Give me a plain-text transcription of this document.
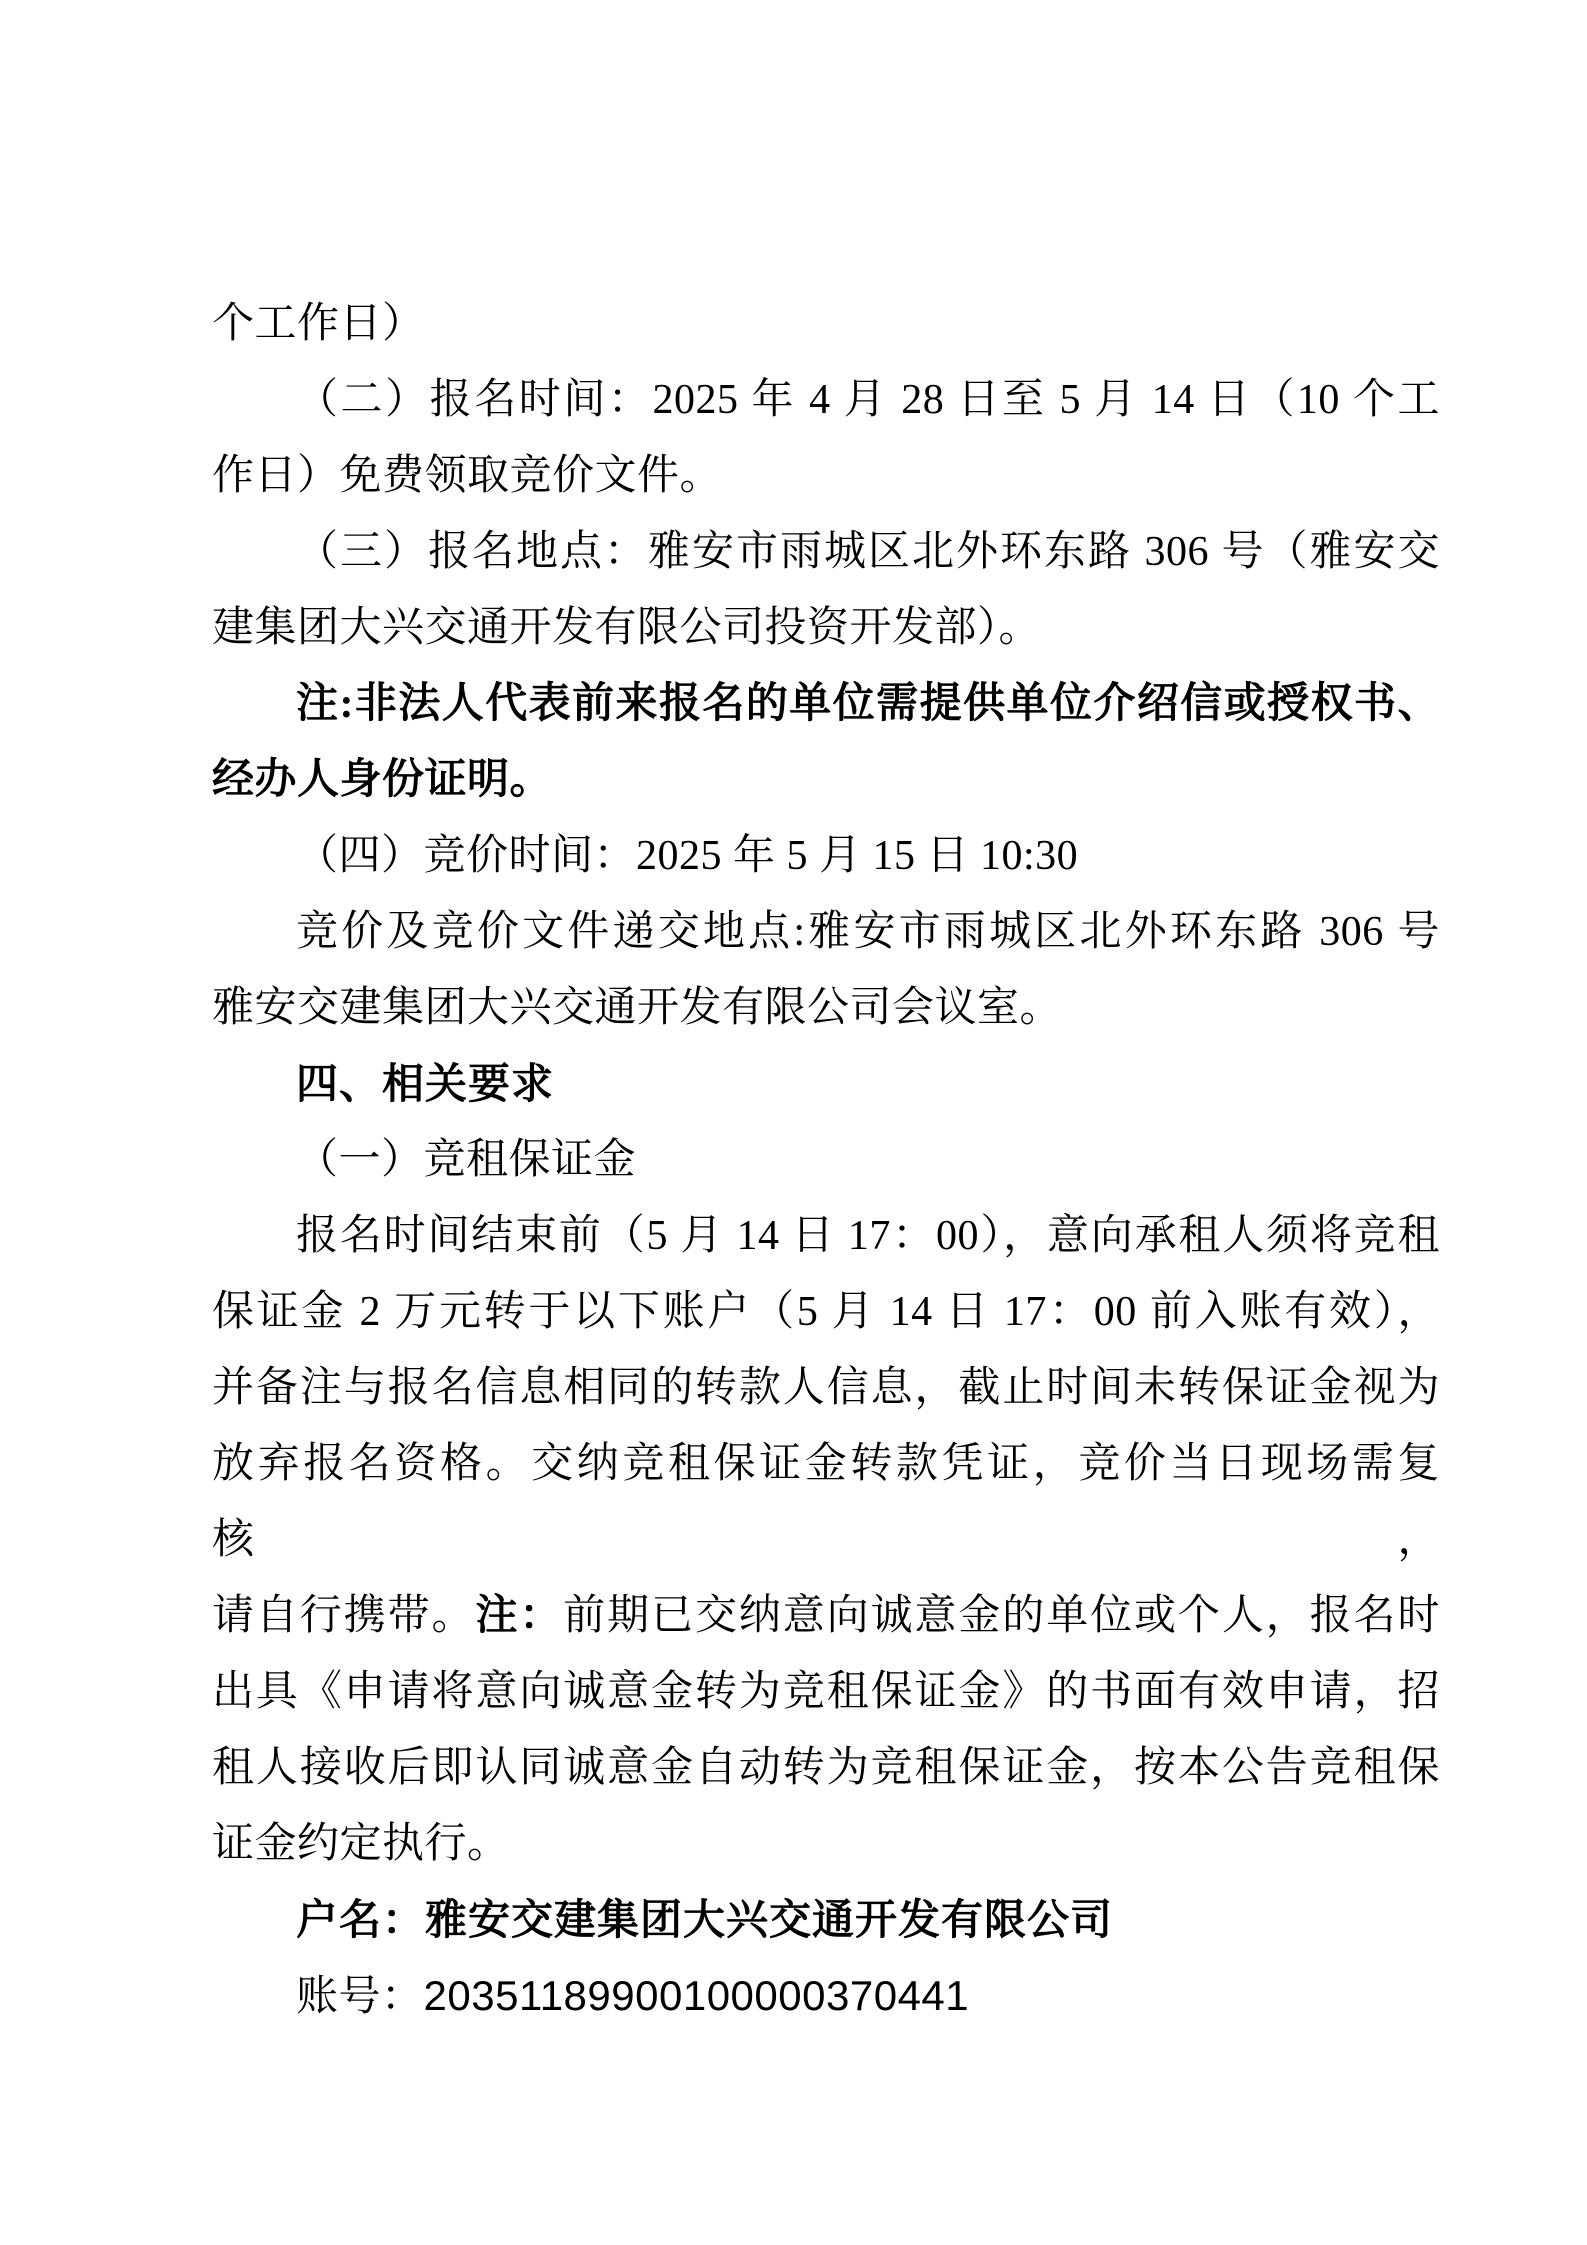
个工作日）
（二）报名时间：2025 年 4 月 28 日至 5 月 14 日（10 个工
作日）免费领取竞价文件。
（三）报名地点：雅安市雨城区北外环东路 306 号（雅安交
建集团大兴交通开发有限公司投资开发部）。
注:非法人代表前来报名的单位需提供单位介绍信或授权书、
经办人身份证明。
（四）竞价时间：2025 年 5 月 15 日 10:30
竞价及竞价文件递交地点:雅安市雨城区北外环东路 306 号
雅安交建集团大兴交通开发有限公司会议室。
四、相关要求
（一）竞租保证金
报名时间结束前（5 月 14 日 17：00），意向承租人须将竞租
保证金 2 万元转于以下账户（5 月 14 日 17：00 前入账有效），
并备注与报名信息相同的转款人信息，截止时间未转保证金视为
放弃报名资格。交纳竞租保证金转款凭证，竞价当日现场需复核，
请自行携带。注：前期已交纳意向诚意金的单位或个人，报名时
出具《申请将意向诚意金转为竞租保证金》的书面有效申请，招
租人接收后即认同诚意金自动转为竞租保证金，按本公告竞租保
证金约定执行。
户名：雅安交建集团大兴交通开发有限公司
账号：20351189900100000370441
